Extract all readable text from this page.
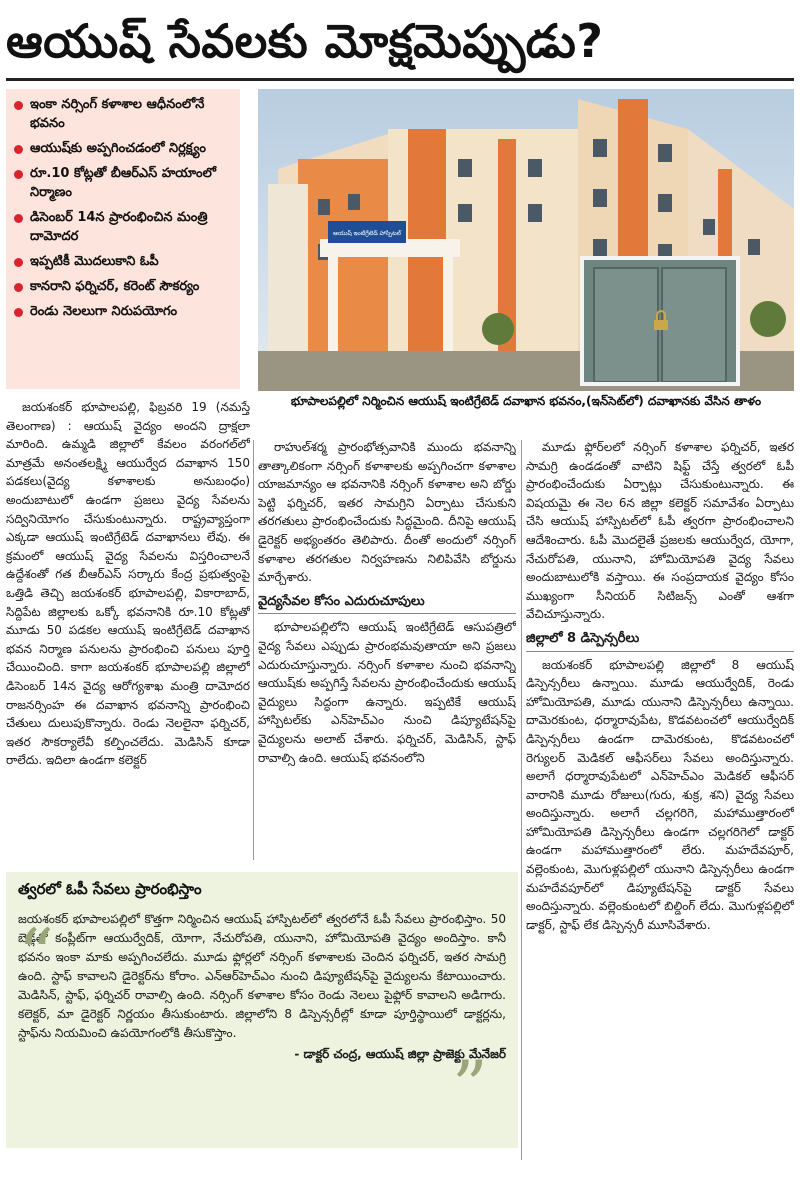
ఆయుష్ సేవలకు మోక్షమెప్పుడు?
ఇంకా నర్సింగ్ కళాశాల ఆధీనంలోనే భవనం
ఆయుష్‌కు అప్పగించడంలో నిర్లక్ష్యం
రూ.10 కోట్లతో బీఆర్ఎస్ హయాంలో నిర్మాణం
డిసెంబర్ 14న ప్రారంభించిన మంత్రి దామోదర
ఇప్పటికీ మొదలుకాని ఓపీ
కానరాని ఫర్నిచర్, కరెంట్ సౌకర్యం
రెండు నెలలుగా నిరుపయోగం
ఆయుష్ ఇంటిగ్రేటెడ్ హాస్పిటల్
భూపాలపల్లిలో నిర్మించిన ఆయుష్ ఇంటిగ్రేటెడ్ దవాఖాన భవనం,(ఇన్‌సెట్‌లో) దవాఖానకు వేసిన తాళం

జయశంకర్ భూపాలపల్లి, ఫిబ్రవరి 19 (నమస్తే తెలంగాణ) : ఆయుష్ వైద్యం అందని ద్రాక్షలా మారింది. ఉమ్మడి జిల్లాలో కేవలం వరంగల్‌లో మాత్రమే అనంతలక్ష్మి ఆయుర్వేద దవాఖాన 150 పడకలు(వైద్య కళాశాలకు అనుబంధం) అందుబాటులో ఉండగా ప్రజలు వైద్య సేవలను సద్వినియోగం చేసుకుంటున్నారు. రాష్ట్రవ్యాప్తంగా ఎక్కడా ఆయుష్ ఇంటిగ్రేటెడ్ దవాఖానలు లేవు. ఈ క్రమంలో ఆయుష్ వైద్య సేవలను విస్తరించాలనే ఉద్దేశంతో గత బీఆర్ఎస్ సర్కారు కేంద్ర ప్రభుత్వంపై ఒత్తిడి తెచ్చి జయశంకర్ భూపాలపల్లి, వికారాబాద్, సిద్దిపేట జిల్లాలకు ఒక్కో భవనానికి రూ.10 కోట్లతో మూడు 50 పడకల ఆయుష్ ఇంటిగ్రేటెడ్ దవాఖాన భవన నిర్మాణ పనులను ప్రారంభించి పనులు పూర్తి చేయించింది. కాగా జయశంకర్ భూపాలపల్లి జిల్లాలో డిసెంబర్ 14న వైద్య ఆరోగ్యశాఖ మంత్రి దామోదర రాజనర్సింహ ఈ దవాఖాన భవనాన్ని ప్రారంభించి చేతులు దులుపుకొన్నారు. రెండు నెలలైనా ఫర్నిచర్, ఇతర సౌకర్యాలేవీ కల్పించలేదు. మెడిసిన్ కూడా రాలేదు. ఇదిలా ఉండగా కలెక్టర్

రాహుల్‌శర్మ ప్రారంభోత్సవానికి ముందు భవనాన్ని తాత్కాలికంగా నర్సింగ్ కళాశాలకు అప్పగించగా కళాశాల యాజమాన్యం ఆ భవనానికి నర్సింగ్ కళాశాల అని బోర్డు పెట్టి ఫర్నిచర్, ఇతర సామగ్రిని ఏర్పాటు చేసుకుని తరగతులు ప్రారంభించేందుకు సిద్ధమైంది. దీనిపై ఆయుష్ డైరెక్టర్ అభ్యంతరం తెలిపారు. దీంతో అందులో నర్సింగ్ కళాశాల తరగతుల నిర్వహణను నిలిపివేసి బోర్డును మార్చేశారు.

వైద్యసేవల కోసం ఎదురుచూపులు

భూపాలపల్లిలోని ఆయుష్ ఇంటిగ్రేటెడ్ ఆసుపత్రిలో వైద్య సేవలు ఎప్పుడు ప్రారంభమవుతాయా అని ప్రజలు ఎదురుచూస్తున్నారు. నర్సింగ్ కళాశాల నుంచి భవనాన్ని ఆయుష్‌కు అప్పగిస్తే సేవలను ప్రారంభించేందుకు ఆయుష్ వైద్యులు సిద్ధంగా ఉన్నారు. ఇప్పటికే ఆయుష్ హాస్పిటల్‌కు ఎన్‌హెచ్‌ఎం నుంచి డిప్యూటేషన్‌పై వైద్యులను అలాట్ చేశారు. ఫర్నిచర్, మెడిసిన్, స్టాఫ్ రావాల్సి ఉంది. ఆయుష్ భవనంలోని

మూడు ఫ్లోర్‌లలో నర్సింగ్ కళాశాల ఫర్నిచర్, ఇతర సామగ్రి ఉండడంతో వాటిని షిఫ్ట్ చేస్తే త్వరలో ఓపీ ప్రారంభించేందుకు ఏర్పాట్లు చేసుకుంటున్నారు. ఈ విషయమై ఈ నెల 6న జిల్లా కలెక్టర్ సమావేశం ఏర్పాటు చేసి ఆయుష్ హాస్పిటల్‌లో ఓపీ త్వరగా ప్రారంభించాలని ఆదేశించారు. ఓపీ మొదలైతే ప్రజలకు ఆయుర్వేద, యోగా, నేచురోపతి, యునాని, హోమియోపతి వైద్య సేవలు అందుబాటులోకి వస్తాయి. ఈ సంప్రదాయక వైద్యం కోసం ముఖ్యంగా సీనియర్ సిటిజన్స్ ఎంతో ఆశగా వేచిచూస్తున్నారు.

జిల్లాలో 8 డిస్పెన్సరీలు

జయశంకర్ భూపాలపల్లి జిల్లాలో 8 ఆయుష్ డిస్పెన్సరీలు ఉన్నాయి. మూడు ఆయుర్వేదిక్, రెండు హోమియోపతి, మూడు యునాని డిస్పెన్సరీలు ఉన్నాయి. దామెరకుంట, ధర్మారావుపేట, కొడవటంచలో ఆయుర్వేదిక్ డిస్పెన్సరీలు ఉండగా దామెరకుంట, కొడవటంచలో రెగ్యులర్ మెడికల్ ఆఫీసర్‌లు సేవలు అందిస్తున్నారు. అలాగే ధర్మారావుపేటలో ఎన్‌హెచ్‌ఎం మెడికల్ ఆఫీసర్ వారానికి మూడు రోజులు(గురు, శుక్ర, శని) వైద్య సేవలు అందిస్తున్నారు. అలాగే చల్లగరిగె, మహాముత్తారంలో హోమియోపతి డిస్పెన్సరీలు ఉండగా చల్లగరిగెలో డాక్టర్ ఉండగా మహాముత్తారంలో లేరు. మహదేవపూర్, వల్లెంకుంట, మొగుళ్లపల్లిలో యునాని డిస్పెన్సరీలు ఉండగా మహదేవపూర్‌లో డిప్యూటేషన్‌పై డాక్టర్ సేవలు అందిస్తున్నారు. వల్లెంకుంటలో బిల్డింగ్ లేదు. మొగుళ్లపల్లిలో డాక్టర్, స్టాఫ్ లేక డిస్పెన్సరీ మూసివేశారు.

త్వరలో ఓపీ సేవలు ప్రారంభిస్తాం
జయశంకర్ భూపాలపల్లిలో కొత్తగా నిర్మించిన ఆయుష్ హాస్పిటల్‌లో త్వరలోనే ఓపీ సేవలు ప్రారంభిస్తాం. 50 బెడ్లతో కంప్లీట్‌గా ఆయుర్వేదిక్, యోగా, నేచురోపతి, యునాని, హోమియోపతి వైద్యం అందిస్తాం. కానీ భవనం ఇంకా మాకు అప్పగించలేదు. మూడు ఫ్లోర్లలో నర్సింగ్ కళాశాలకు చెందిన ఫర్నిచర్, ఇతర సామగ్రి ఉంది. స్టాఫ్ కావాలని డైరెక్టర్‌ను కోరాం. ఎన్‌ఆర్‌హెచ్‌ఎం నుంచి డిప్యూటేషన్‌పై వైద్యులను కేటాయించారు. మెడిసిన్, స్టాఫ్, ఫర్నిచర్ రావాల్సి ఉంది. నర్సింగ్ కళాశాల కోసం రెండు నెలలు పైఫ్లోర్ కావాలని అడిగారు. కలెక్టర్, మా డైరెక్టర్ నిర్ణయం తీసుకుంటారు. జిల్లాలోని 8 డిస్పెన్సరీల్లో కూడా పూర్తిస్థాయిలో డాక్టర్లను, స్టాఫ్‌ను నియమించి ఉపయోగంలోకి తీసుకొస్తాం.
- డాక్టర్ చంద్ర, ఆయుష్ జిల్లా ప్రాజెక్టు మేనేజర్
“
”
